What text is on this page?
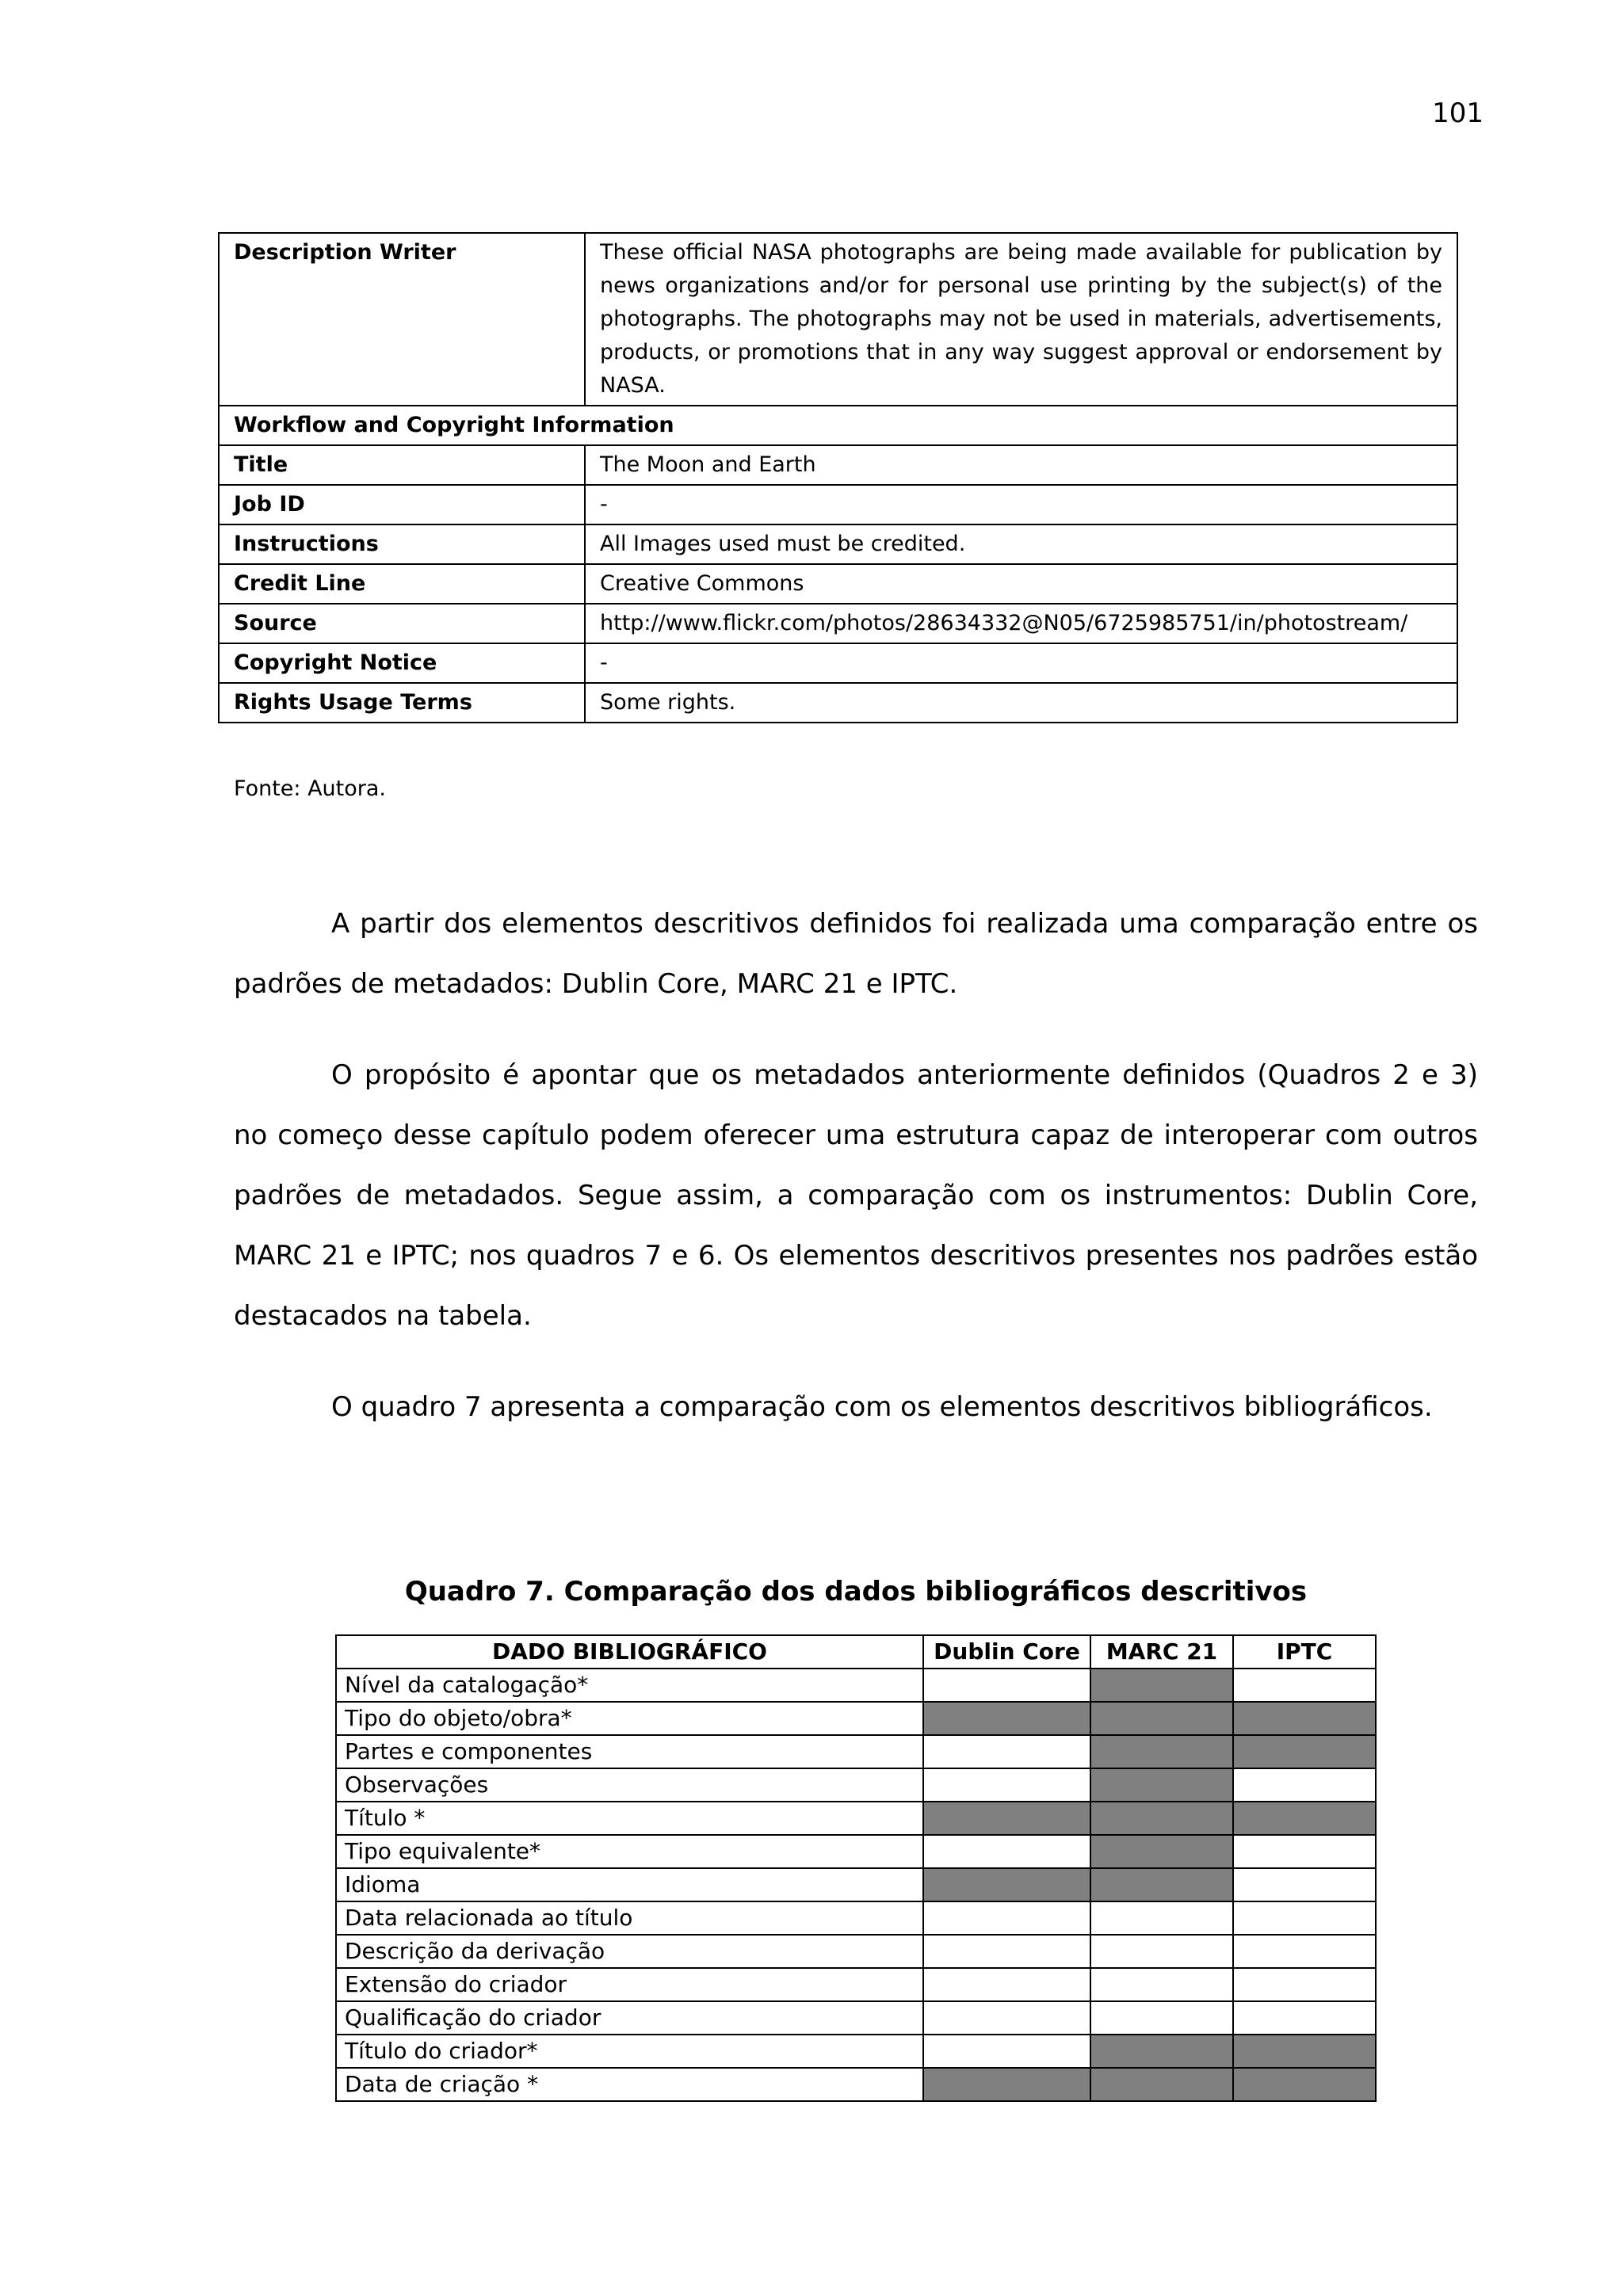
101
Description Writer	These official NASA photographs are being made available for publication by news organizations and/or for personal use printing by the subject(s) of the photographs. The photographs may not be used in materials, advertisements, products, or promotions that in any way suggest approval or endorsement by NASA.
Workflow and Copyright Information	
Title	The Moon and Earth
Job ID	-
Instructions	All Images used must be credited.
Credit Line	Creative Commons
Source	http://www.flickr.com/photos/28634332@N05/6725985751/in/photostream/
Copyright Notice	-
Rights Usage Terms	Some rights.
Fonte: Autora.

A partir dos elementos descritivos definidos foi realizada uma comparação entre os padrões de metadados: Dublin Core, MARC 21 e IPTC.

O propósito é apontar que os metadados anteriormente definidos (Quadros 2 e 3) no começo desse capítulo podem oferecer uma estrutura capaz de interoperar com outros padrões de metadados. Segue assim, a comparação com os instrumentos: Dublin Core, MARC 21 e IPTC; nos quadros 7 e 6. Os elementos descritivos presentes nos padrões estão destacados na tabela.

O quadro 7 apresenta a comparação com os elementos descritivos bibliográficos.

Quadro 7. Comparação dos dados bibliográficos descritivos
DADO BIBLIOGRÁFICO	Dublin Core	MARC 21	IPTC
Nível da catalogação*			
Tipo do objeto/obra*			
Partes e componentes			
Observações			
Título *			
Tipo equivalente*			
Idioma			
Data relacionada ao título			
Descrição da derivação			
Extensão do criador			
Qualificação do criador			
Título do criador*			
Data de criação *			
